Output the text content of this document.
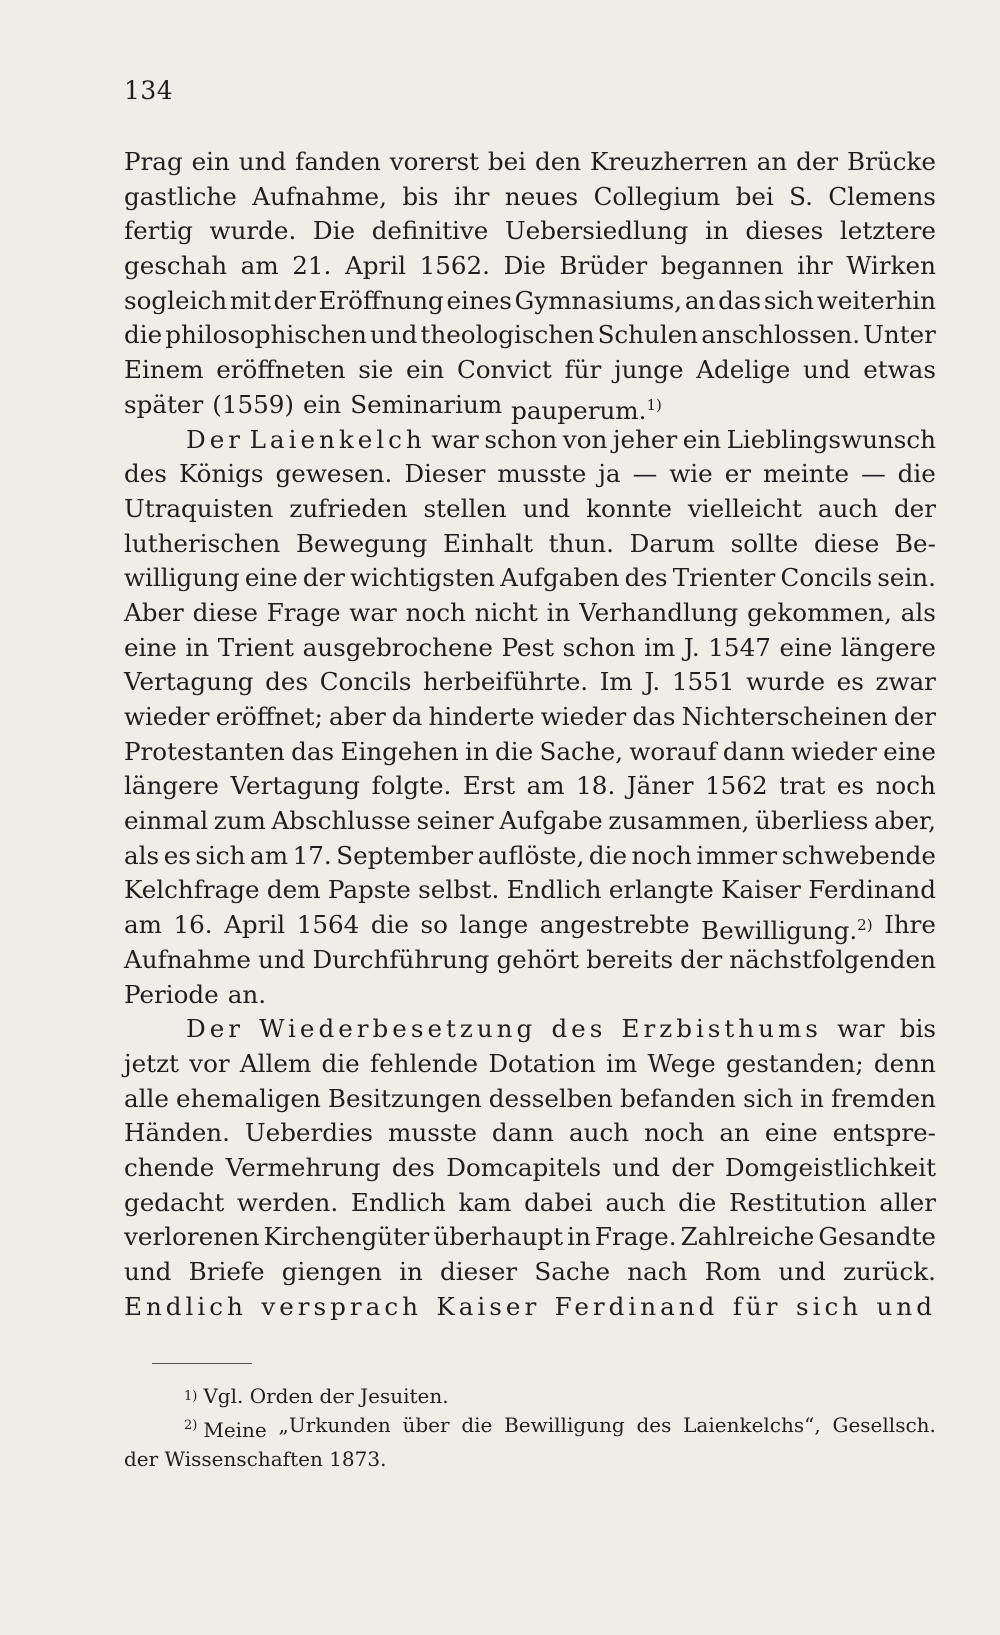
134
Prag ein und fanden vorerst bei den Kreuzherren an der Brücke
gastliche Aufnahme, bis ihr neues Collegium bei S. Clemens
fertig wurde. Die definitive Uebersiedlung in dieses letztere
geschah am 21. April 1562. Die Brüder begannen ihr Wirken
sogleich mit der Eröffnung eines Gymnasiums, an das sich weiterhin
die philosophischen und theologischen Schulen anschlossen. Unter
Einem eröffneten sie ein Convict für junge Adelige und etwas
später (1559) ein Seminarium pauperum.$^{1)}$
Der Laienkelch war schon von jeher ein Lieblingswunsch
des Königs gewesen. Dieser musste ja — wie er meinte — die
Utraquisten zufrieden stellen und konnte vielleicht auch der
lutherischen Bewegung Einhalt thun. Darum sollte diese Be-
willigung eine der wichtigsten Aufgaben des Trienter Concils sein.
Aber diese Frage war noch nicht in Verhandlung gekommen, als
eine in Trient ausgebrochene Pest schon im J. 1547 eine längere
Vertagung des Concils herbeiführte. Im J. 1551 wurde es zwar
wieder eröffnet; aber da hinderte wieder das Nichterscheinen der
Protestanten das Eingehen in die Sache, worauf dann wieder eine
längere Vertagung folgte. Erst am 18. Jäner 1562 trat es noch
einmal zum Abschlusse seiner Aufgabe zusammen, überliess aber,
als es sich am 17. September auflöste, die noch immer schwebende
Kelchfrage dem Papste selbst. Endlich erlangte Kaiser Ferdinand
am 16. April 1564 die so lange angestrebte Bewilligung.$^{2)}$ Ihre
Aufnahme und Durchführung gehört bereits der nächstfolgenden
Periode an.
Der Wiederbesetzung des Erzbisthums war bis
jetzt vor Allem die fehlende Dotation im Wege gestanden; denn
alle ehemaligen Besitzungen desselben befanden sich in fremden
Händen. Ueberdies musste dann auch noch an eine entspre-
chende Vermehrung des Domcapitels und der Domgeistlichkeit
gedacht werden. Endlich kam dabei auch die Restitution aller
verlorenen Kirchengüter überhaupt in Frage. Zahlreiche Gesandte
und Briefe giengen in dieser Sache nach Rom und zurück.
Endlich versprach Kaiser Ferdinand für sich und
1) Vgl. Orden der Jesuiten.
$^{2)}$ Meine „Urkunden über die Bewilligung des Laienkelchs“, Gesellsch.
der Wissenschaften 1873.
